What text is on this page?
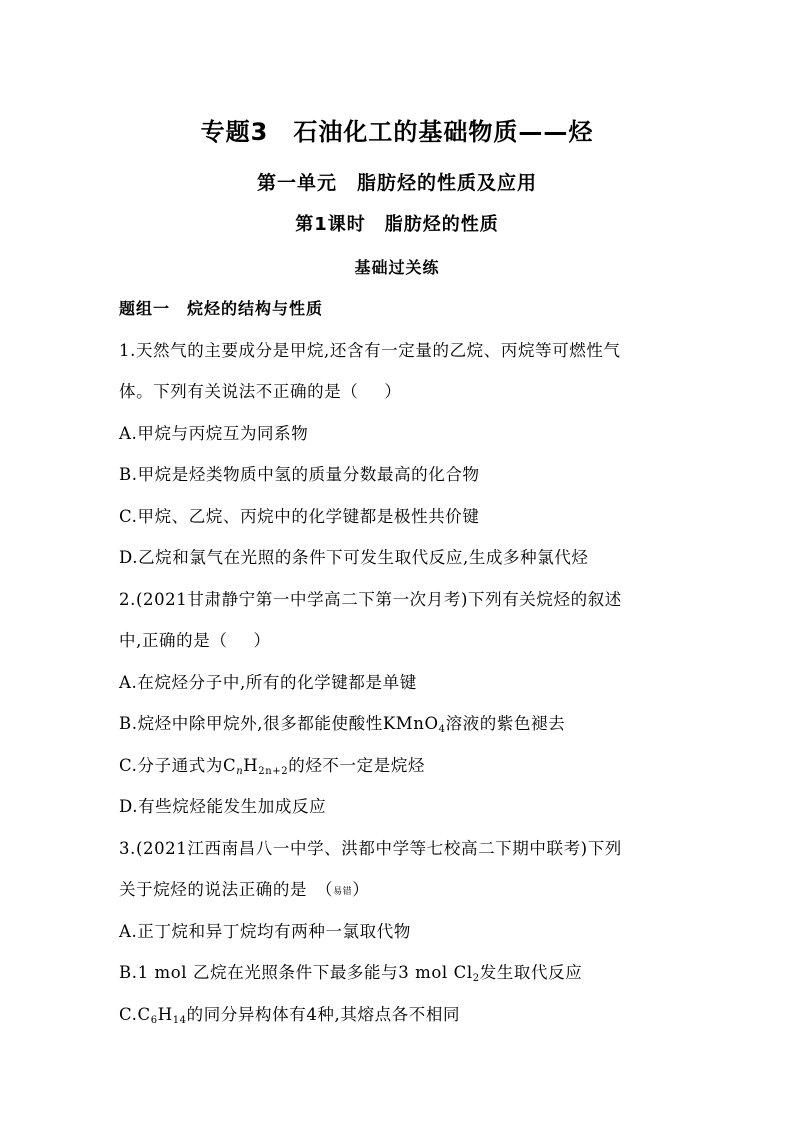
专题3　石油化工的基础物质——烃
第一单元　脂肪烃的性质及应用
第1课时　脂肪烃的性质
基础过关练
题组一　烷烃的结构与性质
1.天然气的主要成分是甲烷,还含有一定量的乙烷、丙烷等可燃性气
体。下列有关说法不正确的是（ ）
A.甲烷与丙烷互为同系物
B.甲烷是烃类物质中氢的质量分数最高的化合物
C.甲烷、乙烷、丙烷中的化学键都是极性共价键
D.乙烷和氯气在光照的条件下可发生取代反应,生成多种氯代烃
2.(2021甘肃静宁第一中学高二下第一次月考)下列有关烷烃的叙述
中,正确的是（ ）
A.在烷烃分子中,所有的化学键都是单键
B.烷烃中除甲烷外,很多都能使酸性KMnO$_4$溶液的紫色褪去
C.分子通式为$C_nH_{2n+2}$的烃不一定是烷烃
D.有些烷烃能发生加成反应
3.(2021江西南昌八一中学、洪都中学等七校高二下期中联考)下列
关于烷烃的说法正确的是　（易错）
A.正丁烷和异丁烷均有两种一氯取代物
B.1 mol 乙烷在光照条件下最多能与3 mol $Cl_2$发生取代反应
$C.C_6H_{14}$的同分异构体有4种,其熔点各不相同
